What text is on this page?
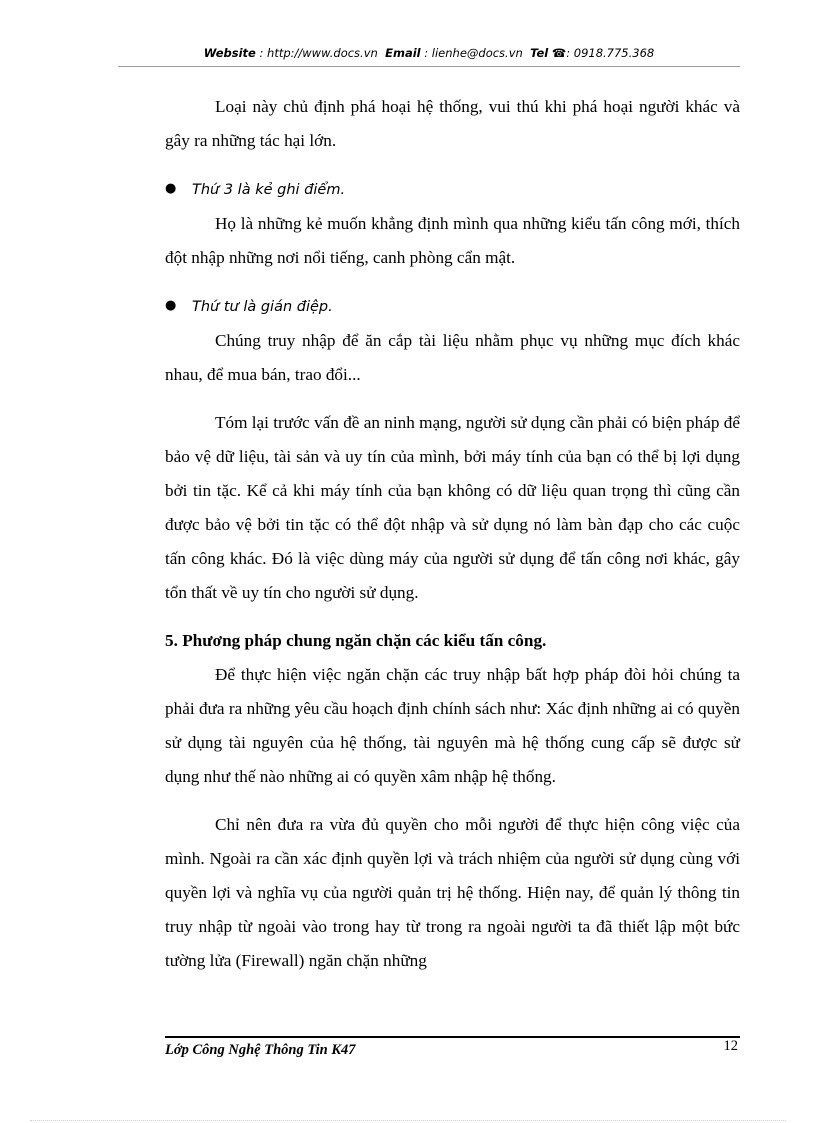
Website : http://www.docs.vn Email : lienhe@docs.vn Tel ☎: 0918.775.368

Loại này chủ định phá hoại hệ thống, vui thú khi phá hoại người khác và gây ra những tác hại lớn.

● Thứ 3 là kẻ ghi điểm.

Họ là những kẻ muốn khẳng định mình qua những kiểu tấn công mới, thích đột nhập những nơi nổi tiếng, canh phòng cẩn mật.

● Thứ tư là gián điệp.

Chúng truy nhập để ăn cắp tài liệu nhằm phục vụ những mục đích khác nhau, để mua bán, trao đổi...

Tóm lại trước vấn đề an ninh mạng, người sử dụng cần phải có biện pháp để bảo vệ dữ liệu, tài sản và uy tín của mình, bởi máy tính của bạn có thể bị lợi dụng bởi tin tặc. Kể cả khi máy tính của bạn không có dữ liệu quan trọng thì cũng cần được bảo vệ bởi tin tặc có thể đột nhập và sử dụng nó làm bàn đạp cho các cuộc tấn công khác. Đó là việc dùng máy của người sử dụng để tấn công nơi khác, gây tổn thất về uy tín cho người sử dụng.

5. Phương pháp chung ngăn chặn các kiểu tấn công.

Để thực hiện việc ngăn chặn các truy nhập bất hợp pháp đòi hỏi chúng ta phải đưa ra những yêu cầu hoạch định chính sách như: Xác định những ai có quyền sử dụng tài nguyên của hệ thống, tài nguyên mà hệ thống cung cấp sẽ được sử dụng như thế nào những ai có quyền xâm nhập hệ thống.

Chỉ nên đưa ra vừa đủ quyền cho mỗi người để thực hiện công việc của mình. Ngoài ra cần xác định quyền lợi và trách nhiệm của người sử dụng cùng với quyền lợi và nghĩa vụ của người quản trị hệ thống. Hiện nay, để quản lý thông tin truy nhập từ ngoài vào trong hay từ trong ra ngoài người ta đã thiết lập một bức tường lửa (Firewall) ngăn chặn những

Lớp Công Nghệ Thông Tin K47	12
